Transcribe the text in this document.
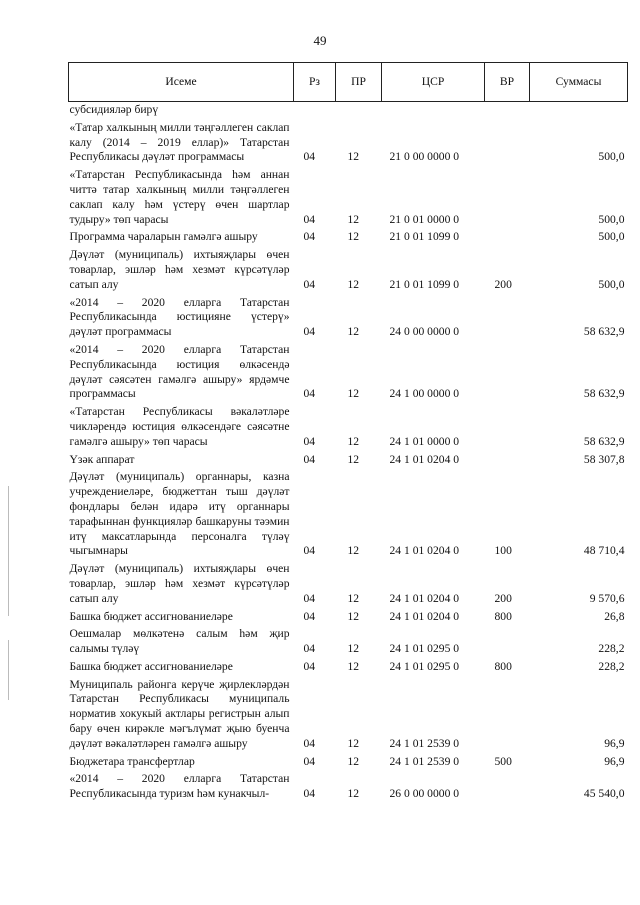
49
Исеме	Рз	ПР	ЦСР	ВР	Суммасы
субсидияләр бирү					
«Татар халкының милли тәңгәллеген саклап калу (2014 – 2019 еллар)» Татарстан Республикасы дәүләт программасы	04	12	21 0 00 0000 0		500,0
«Татарстан Республикасында һәм аннан читтә татар халкының милли тәңгәллеген саклап калу һәм үстерү өчен шартлар тудыру» төп чарасы	04	12	21 0 01 0000 0		500,0
Программа чараларын гамәлгә ашыру	04	12	21 0 01 1099 0		500,0
Дәүләт (муниципаль) ихтыяҗлары өчен товарлар, эшләр һәм хезмәт күрсәтүләр сатып алу	04	12	21 0 01 1099 0	200	500,0
«2014 – 2020 елларга Татарстан Республикасында юстицияне үстерү» дәүләт программасы	04	12	24 0 00 0000 0		58 632,9
«2014 – 2020 елларга Татарстан Республикасында юстиция өлкәсендә дәүләт сәясәтен гамәлгә ашыру» ярдәмче программасы	04	12	24 1 00 0000 0		58 632,9
«Татарстан Республикасы вәкаләтләре чикләрендә юстиция өлкәсендәге сәясәтне гамәлгә ашыру» төп чарасы	04	12	24 1 01 0000 0		58 632,9
Үзәк аппарат	04	12	24 1 01 0204 0		58 307,8
Дәүләт (муниципаль) органнары, казна учреждениеләре, бюджеттан тыш дәүләт фондлары белән идарә итү органнары тарафыннан функцияләр башкаруны тәэмин итү максатларында персоналга түләү чыгымнары	04	12	24 1 01 0204 0	100	48 710,4
Дәүләт (муниципаль) ихтыяҗлары өчен товарлар, эшләр һәм хезмәт күрсәтүләр сатып алу	04	12	24 1 01 0204 0	200	9 570,6
Башка бюджет ассигнованиеләре	04	12	24 1 01 0204 0	800	26,8
Оешмалар мөлкәтенә салым һәм җир салымы түләү	04	12	24 1 01 0295 0		228,2
Башка бюджет ассигнованиеләре	04	12	24 1 01 0295 0	800	228,2
Муниципаль районга керүче җирлекләрдән Татарстан Республикасы муниципаль норматив хокукый актлары регистрын алып бару өчен кирәкле мәгълүмат җыю буенча дәүләт вәкаләтләрен гамәлгә ашыру	04	12	24 1 01 2539 0		96,9
Бюджетара трансфертлар	04	12	24 1 01 2539 0	500	96,9
«2014 – 2020 елларга Татарстан Республикасында туризм һәм кунакчыл-	04	12	26 0 00 0000 0		45 540,0
